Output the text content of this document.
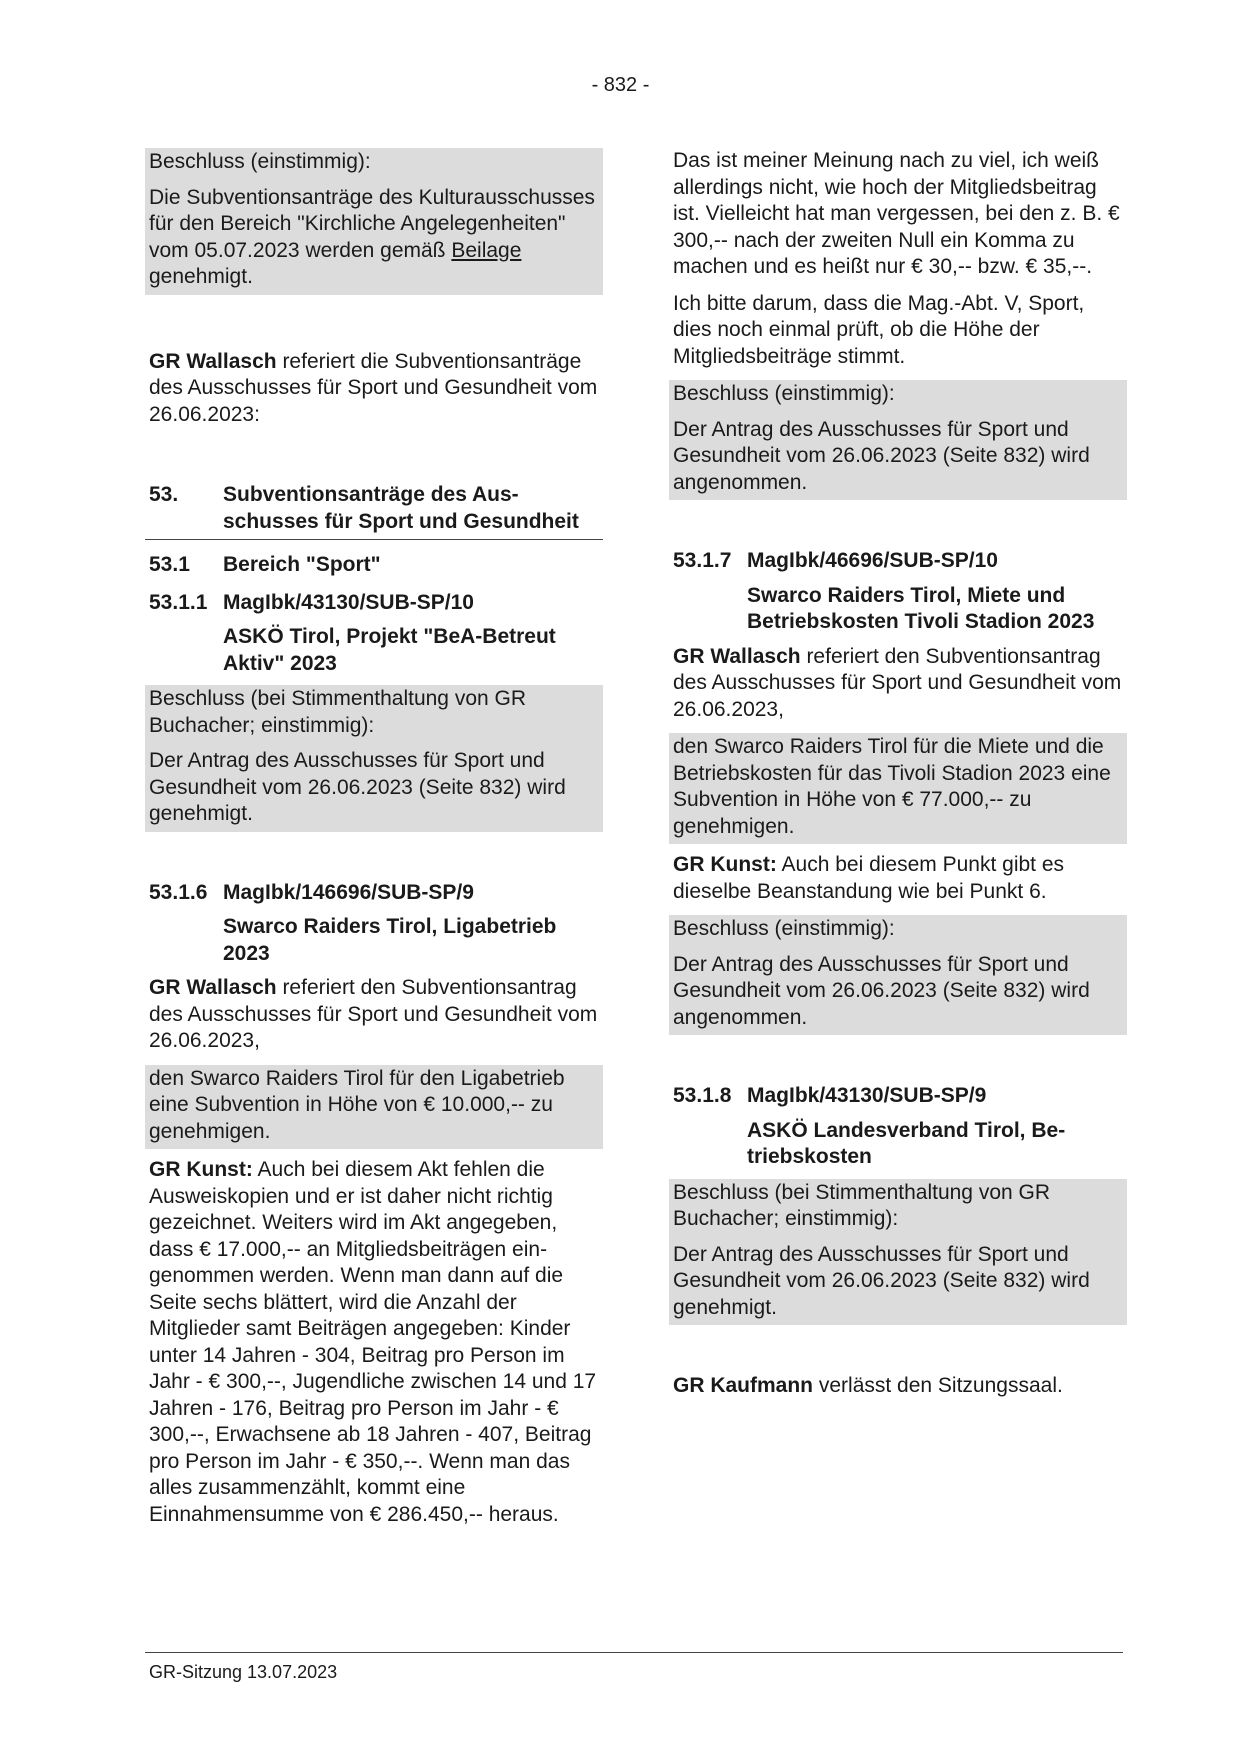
- 832 -

Beschluss (einstimmig):

Die Subventionsanträge des Kulturausschusses für den Bereich "Kirchliche Angelegenheiten" vom 05.07.2023 werden gemäß Beilage genehmigt.

GR Wallasch referiert die Subventionsanträge des Ausschusses für Sport und Gesundheit vom 26.06.2023:

53.	Subventionsanträge des Ausschusses für Sport und Gesundheit
53.1	Bereich "Sport"
53.1.1 MagIbk/43130/SUB-SP/10
ASKÖ Tirol, Projekt "BeA-Betreut Aktiv" 2023

Beschluss (bei Stimmenthaltung von GR Buchacher; einstimmig):

Der Antrag des Ausschusses für Sport und Gesundheit vom 26.06.2023 (Seite 832) wird genehmigt.

53.1.6 MagIbk/146696/SUB-SP/9
Swarco Raiders Tirol, Ligabetrieb 2023

GR Wallasch referiert den Subventionsantrag des Ausschusses für Sport und Gesundheit vom 26.06.2023,

den Swarco Raiders Tirol für den Ligabetrieb eine Subvention in Höhe von € 10.000,-- zu genehmigen.

GR Kunst: Auch bei diesem Akt fehlen die Ausweiskopien und er ist daher nicht richtig gezeichnet. Weiters wird im Akt angegeben, dass € 17.000,-- an Mitgliedsbeiträgen eingenommen werden. Wenn man dann auf die Seite sechs blättert, wird die Anzahl der Mitglieder samt Beiträgen angegeben: Kinder unter 14 Jahren - 304, Beitrag pro Person im Jahr - € 300,--, Jugendliche zwischen 14 und 17 Jahren - 176, Beitrag pro Person im Jahr - € 300,--, Erwachsene ab 18 Jahren - 407, Beitrag pro Person im Jahr - € 350,--. Wenn man das alles zusammenzählt, kommt eine Einnahmensumme von € 286.450,-- heraus.

Das ist meiner Meinung nach zu viel, ich weiß allerdings nicht, wie hoch der Mitgliedsbeitrag ist. Vielleicht hat man vergessen, bei den z. B. € 300,-- nach der zweiten Null ein Komma zu machen und es heißt nur € 30,-- bzw. € 35,--.

Ich bitte darum, dass die Mag.-Abt. V, Sport, dies noch einmal prüft, ob die Höhe der Mitgliedsbeiträge stimmt.

Beschluss (einstimmig):

Der Antrag des Ausschusses für Sport und Gesundheit vom 26.06.2023 (Seite 832) wird angenommen.

53.1.7 MagIbk/46696/SUB-SP/10
Swarco Raiders Tirol, Miete und Betriebskosten Tivoli Stadion 2023

GR Wallasch referiert den Subventionsantrag des Ausschusses für Sport und Gesundheit vom 26.06.2023,

den Swarco Raiders Tirol für die Miete und die Betriebskosten für das Tivoli Stadion 2023 eine Subvention in Höhe von € 77.000,-- zu genehmigen.

GR Kunst: Auch bei diesem Punkt gibt es dieselbe Beanstandung wie bei Punkt 6.

Beschluss (einstimmig):

Der Antrag des Ausschusses für Sport und Gesundheit vom 26.06.2023 (Seite 832) wird angenommen.

53.1.8 MagIbk/43130/SUB-SP/9
ASKÖ Landesverband Tirol, Betriebskosten

Beschluss (bei Stimmenthaltung von GR Buchacher; einstimmig):

Der Antrag des Ausschusses für Sport und Gesundheit vom 26.06.2023 (Seite 832) wird genehmigt.

GR Kaufmann verlässt den Sitzungssaal.

GR-Sitzung 13.07.2023
